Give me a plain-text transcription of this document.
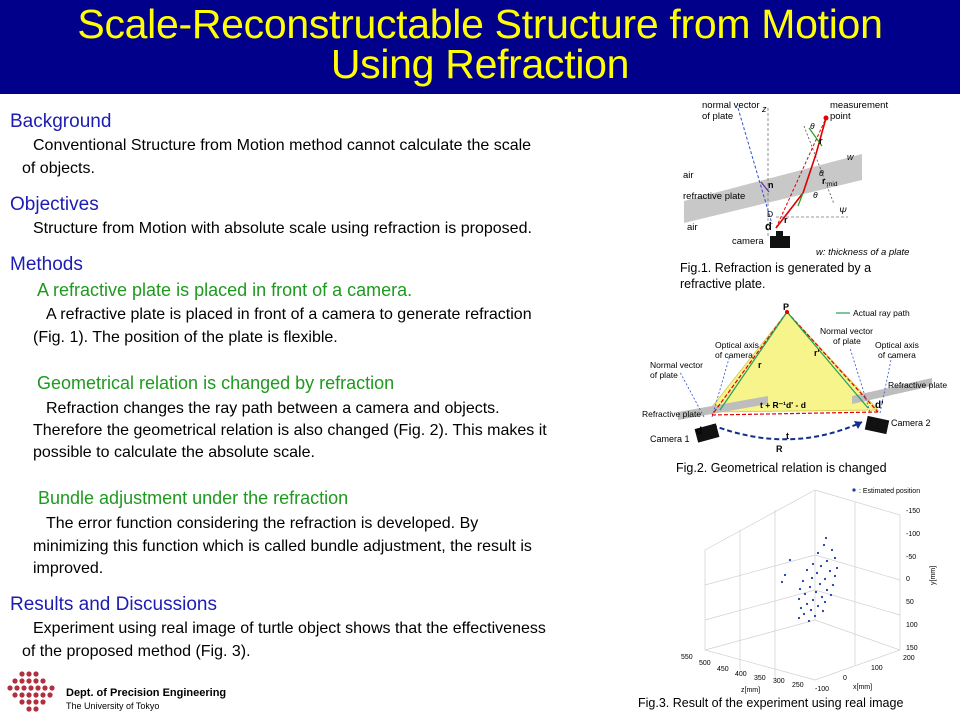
Scale-Reconstructable Structure from Motion
Using Refraction
Background
Conventional Structure from Motion method cannot calculate the scale
of objects.
Objectives
Structure from Motion with absolute scale using refraction is proposed.
Methods
A refractive plate is placed in front of a camera.
A refractive plate is placed in front of a camera to generate refraction
(Fig. 1). The position of the plate is flexible.
Geometrical relation is changed by refraction
Refraction changes the ray path between a camera and objects.
Therefore the geometrical relation is also changed (Fig. 2). This makes it
possible to calculate the absolute scale.
Bundle adjustment under the refraction
The error function considering the refraction is developed. By
minimizing this function which is called bundle adjustment, the result is
improved.
Results and Discussions
Experiment using real image of turtle object shows that the effectiveness
of the proposed method (Fig. 3).
Dept. of Precision Engineering
The University of Tokyo
normal vector
of plate
z	measurement
point
θ
r
w
air	θ
r mid
n
refractive plate	θ
D
d
r
Ψ
air
camera
w: thickness of a plate
Fig.1. Refraction is generated by a
refractive plate.
P
Actual ray path
Normal vector
of plate
Optical axis
of camera
Optical axis
of camera
r'
r
Normal vector
of plate
Refractive plate
t + R⁻¹d' - d
Refractive plate
d
d'
Camera 2
Camera 1	t
R
Fig.2. Geometrical relation is changed
: Estimated position
-150
-100
-50
0
50
100
150
y[mm]
550
500
450
400
350 300
250
z[mm]	-100
0
100
200
x[mm]
Fig.3. Result of the experiment using real image
